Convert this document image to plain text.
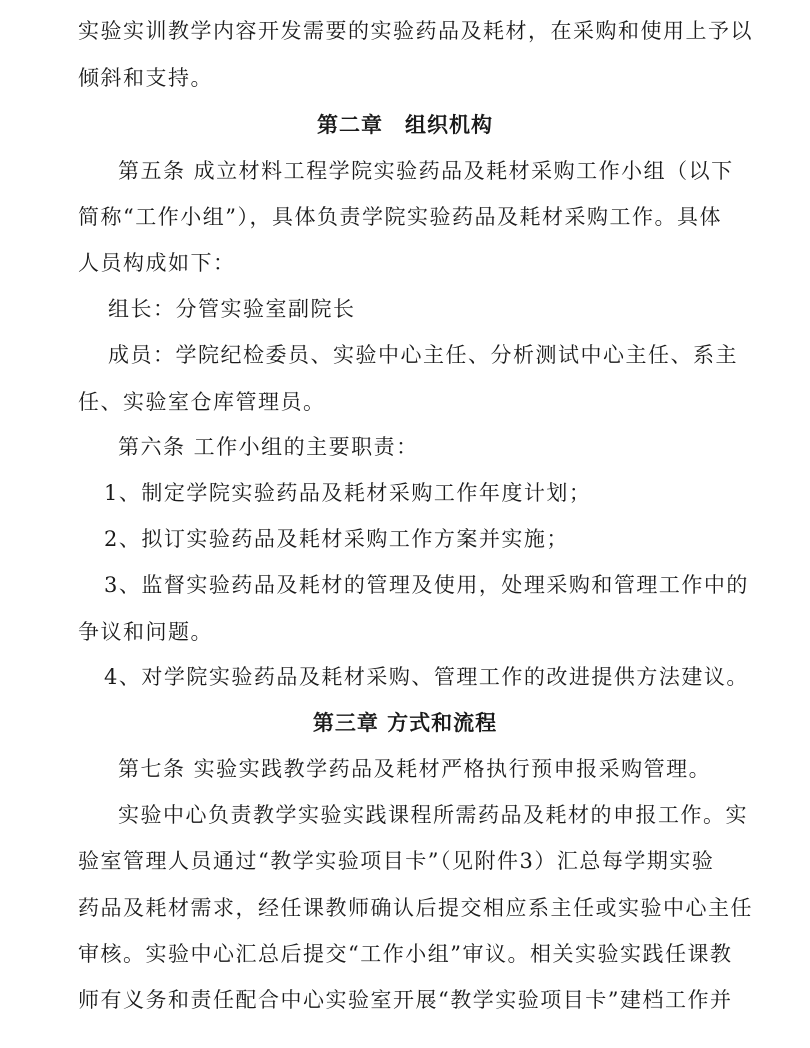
实验实训教学内容开发需要的实验药品及耗材，在采购和使用上予以
倾斜和支持。
第二章　组织机构
第五条 成立材料工程学院实验药品及耗材采购工作小组（以下
简称“工作小组”），具体负责学院实验药品及耗材采购工作。具体
人员构成如下：
组长：分管实验室副院长
成员：学院纪检委员、实验中心主任、分析测试中心主任、系主
任、实验室仓库管理员。
第六条 工作小组的主要职责：
1、制定学院实验药品及耗材采购工作年度计划；
2、拟订实验药品及耗材采购工作方案并实施；
3、监督实验药品及耗材的管理及使用，处理采购和管理工作中的
争议和问题。
4、对学院实验药品及耗材采购、管理工作的改进提供方法建议。
第三章 方式和流程
第七条 实验实践教学药品及耗材严格执行预申报采购管理。
实验中心负责教学实验实践课程所需药品及耗材的申报工作。实
验室管理人员通过“教学实验项目卡”（见附件3）汇总每学期实验
药品及耗材需求，经任课教师确认后提交相应系主任或实验中心主任
审核。实验中心汇总后提交“工作小组”审议。相关实验实践任课教
师有义务和责任配合中心实验室开展“教学实验项目卡”建档工作并
